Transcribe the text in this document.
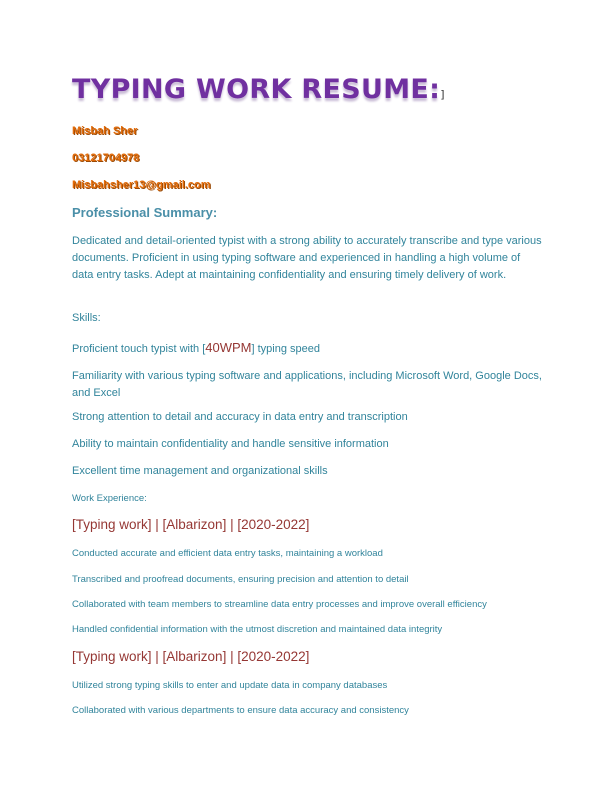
TYPING WORK RESUME:]
Misbah Sher
03121704978
Misbahsher13@gmail.com
Professional Summary:
Dedicated and detail-oriented typist with a strong ability to accurately transcribe and type various documents. Proficient in using typing software and experienced in handling a high volume of data entry tasks. Adept at maintaining confidentiality and ensuring timely delivery of work.
Skills:
Proficient touch typist with [40WPM] typing speed
Familiarity with various typing software and applications, including Microsoft Word, Google Docs, and Excel
Strong attention to detail and accuracy in data entry and transcription
Ability to maintain confidentiality and handle sensitive information
Excellent time management and organizational skills
Work Experience:
[Typing work] | [Albarizon] | [2020-2022]
Conducted accurate and efficient data entry tasks, maintaining a workload
Transcribed and proofread documents, ensuring precision and attention to detail
Collaborated with team members to streamline data entry processes and improve overall efficiency
Handled confidential information with the utmost discretion and maintained data integrity
[Typing work] | [Albarizon] | [2020-2022]
Utilized strong typing skills to enter and update data in company databases
Collaborated with various departments to ensure data accuracy and consistency
